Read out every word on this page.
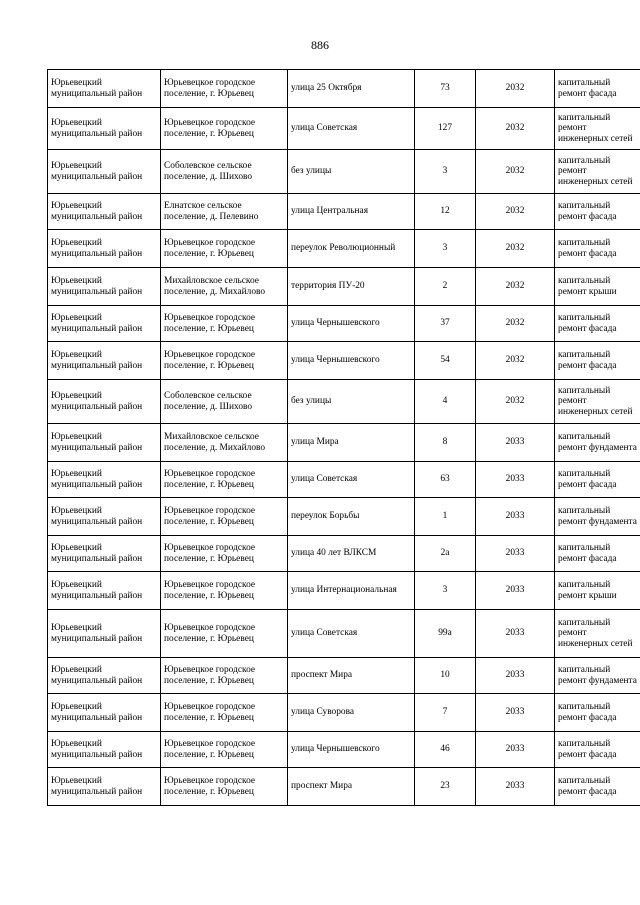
886
Юрьевецкий муниципальный район	Юрьевецкое городское поселение, г. Юрьевец	улица 25 Октября	73	2032	капитальный ремонт фасада
Юрьевецкий муниципальный район	Юрьевецкое городское поселение, г. Юрьевец	улица Советская	127	2032	капитальный ремонт инженерных сетей
Юрьевецкий муниципальный район	Соболевское сельское поселение, д. Шихово	без улицы	3	2032	капитальный ремонт инженерных сетей
Юрьевецкий муниципальный район	Елнатское сельское поселение, д. Пелевино	улица Центральная	12	2032	капитальный ремонт фасада
Юрьевецкий муниципальный район	Юрьевецкое городское поселение, г. Юрьевец	переулок Революционный	3	2032	капитальный ремонт фасада
Юрьевецкий муниципальный район	Михайловское сельское поселение, д. Михайлово	территория ПУ-20	2	2032	капитальный ремонт крыши
Юрьевецкий муниципальный район	Юрьевецкое городское поселение, г. Юрьевец	улица Чернышевского	37	2032	капитальный ремонт фасада
Юрьевецкий муниципальный район	Юрьевецкое городское поселение, г. Юрьевец	улица Чернышевского	54	2032	капитальный ремонт фасада
Юрьевецкий муниципальный район	Соболевское сельское поселение, д. Шихово	без улицы	4	2032	капитальный ремонт инженерных сетей
Юрьевецкий муниципальный район	Михайловское сельское поселение, д. Михайлово	улица Мира	8	2033	капитальный ремонт фундамента
Юрьевецкий муниципальный район	Юрьевецкое городское поселение, г. Юрьевец	улица Советская	63	2033	капитальный ремонт фасада
Юрьевецкий муниципальный район	Юрьевецкое городское поселение, г. Юрьевец	переулок Борьбы	1	2033	капитальный ремонт фундамента
Юрьевецкий муниципальный район	Юрьевецкое городское поселение, г. Юрьевец	улица 40 лет ВЛКСМ	2а	2033	капитальный ремонт фасада
Юрьевецкий муниципальный район	Юрьевецкое городское поселение, г. Юрьевец	улица Интернациональная	3	2033	капитальный ремонт крыши
Юрьевецкий муниципальный район	Юрьевецкое городское поселение, г. Юрьевец	улица Советская	99а	2033	капитальный ремонт инженерных сетей
Юрьевецкий муниципальный район	Юрьевецкое городское поселение, г. Юрьевец	проспект Мира	10	2033	капитальный ремонт фундамента
Юрьевецкий муниципальный район	Юрьевецкое городское поселение, г. Юрьевец	улица Суворова	7	2033	капитальный ремонт фасада
Юрьевецкий муниципальный район	Юрьевецкое городское поселение, г. Юрьевец	улица Чернышевского	46	2033	капитальный ремонт фасада
Юрьевецкий муниципальный район	Юрьевецкое городское поселение, г. Юрьевец	проспект Мира	23	2033	капитальный ремонт фасада
